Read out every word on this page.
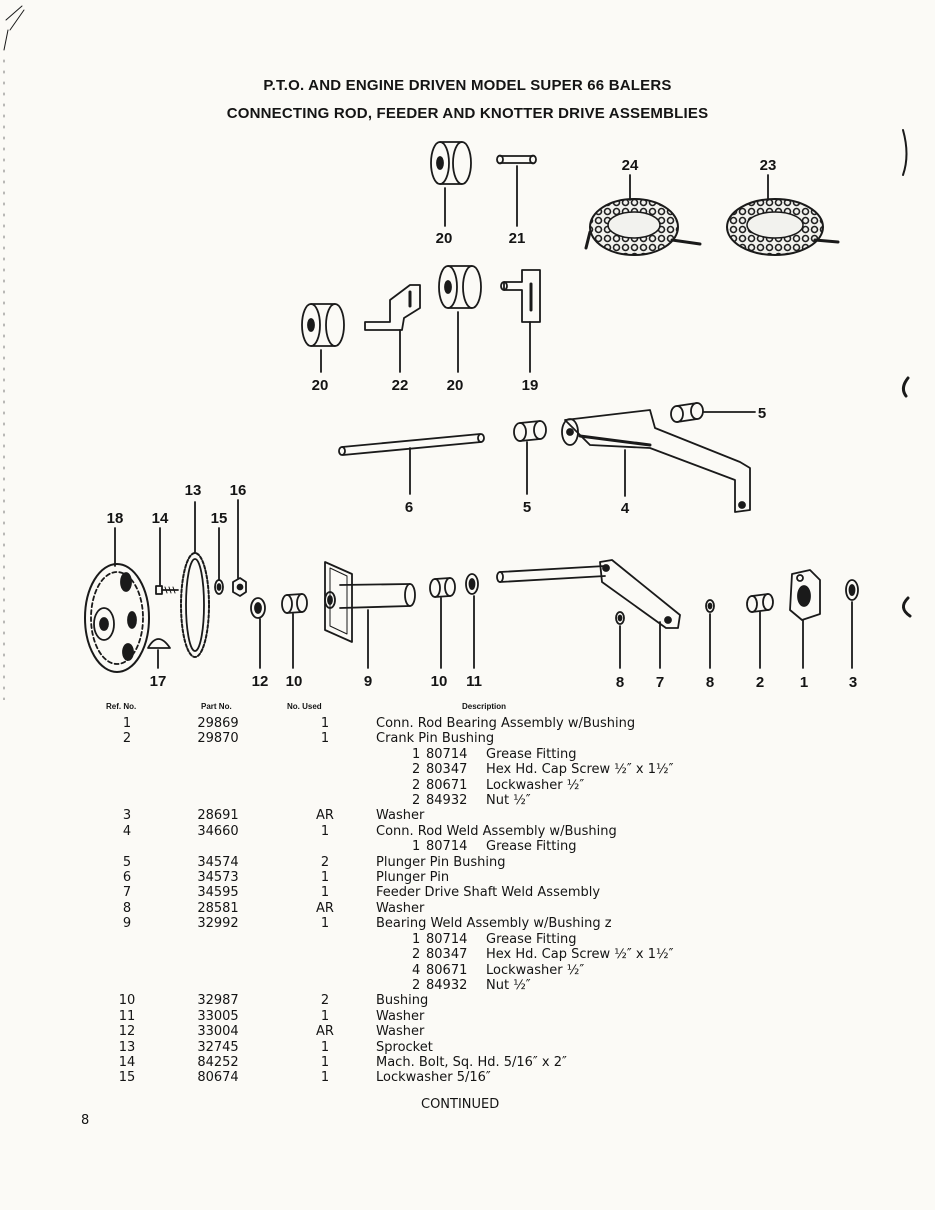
P.T.O. AND ENGINE DRIVEN MODEL SUPER 66 BALERS
CONNECTING ROD, FEEDER AND KNOTTER DRIVE ASSEMBLIES
24	23
20	21
20	22	20	19
5
6	5	4
13 16
18 14	15
17	12 10	9	10 11	8 7	8	2 1	3
Ref. No.	Part No.	No. Used	Description
1	29869	1	Conn. Rod Bearing Assembly w/Bushing
2	29870	1	Crank Pin Bushing
			1 80714 Grease Fitting
			2 80347 Hex Hd. Cap Screw ½″ x 1½″
			2 80671 Lockwasher ½″
			2 84932 Nut ½″
3	28691	AR	Washer
4	34660	1	Conn. Rod Weld Assembly w/Bushing
			1 80714 Grease Fitting
5	34574	2	Plunger Pin Bushing
6	34573	1	Plunger Pin
7	34595	1	Feeder Drive Shaft Weld Assembly
8	28581	AR	Washer
9	32992	1	Bearing Weld Assembly w/Bushing z
			1 80714 Grease Fitting
			2 80347 Hex Hd. Cap Screw ½″ x 1½″
			4 80671 Lockwasher ½″
			2 84932 Nut ½″
10	32987	2	Bushing
11	33005	1	Washer
12	33004	AR	Washer
13	32745	1	Sprocket
14	84252	1	Mach. Bolt, Sq. Hd. 5/16″ x 2″
15	80674	1	Lockwasher 5/16″
CONTINUED
8
